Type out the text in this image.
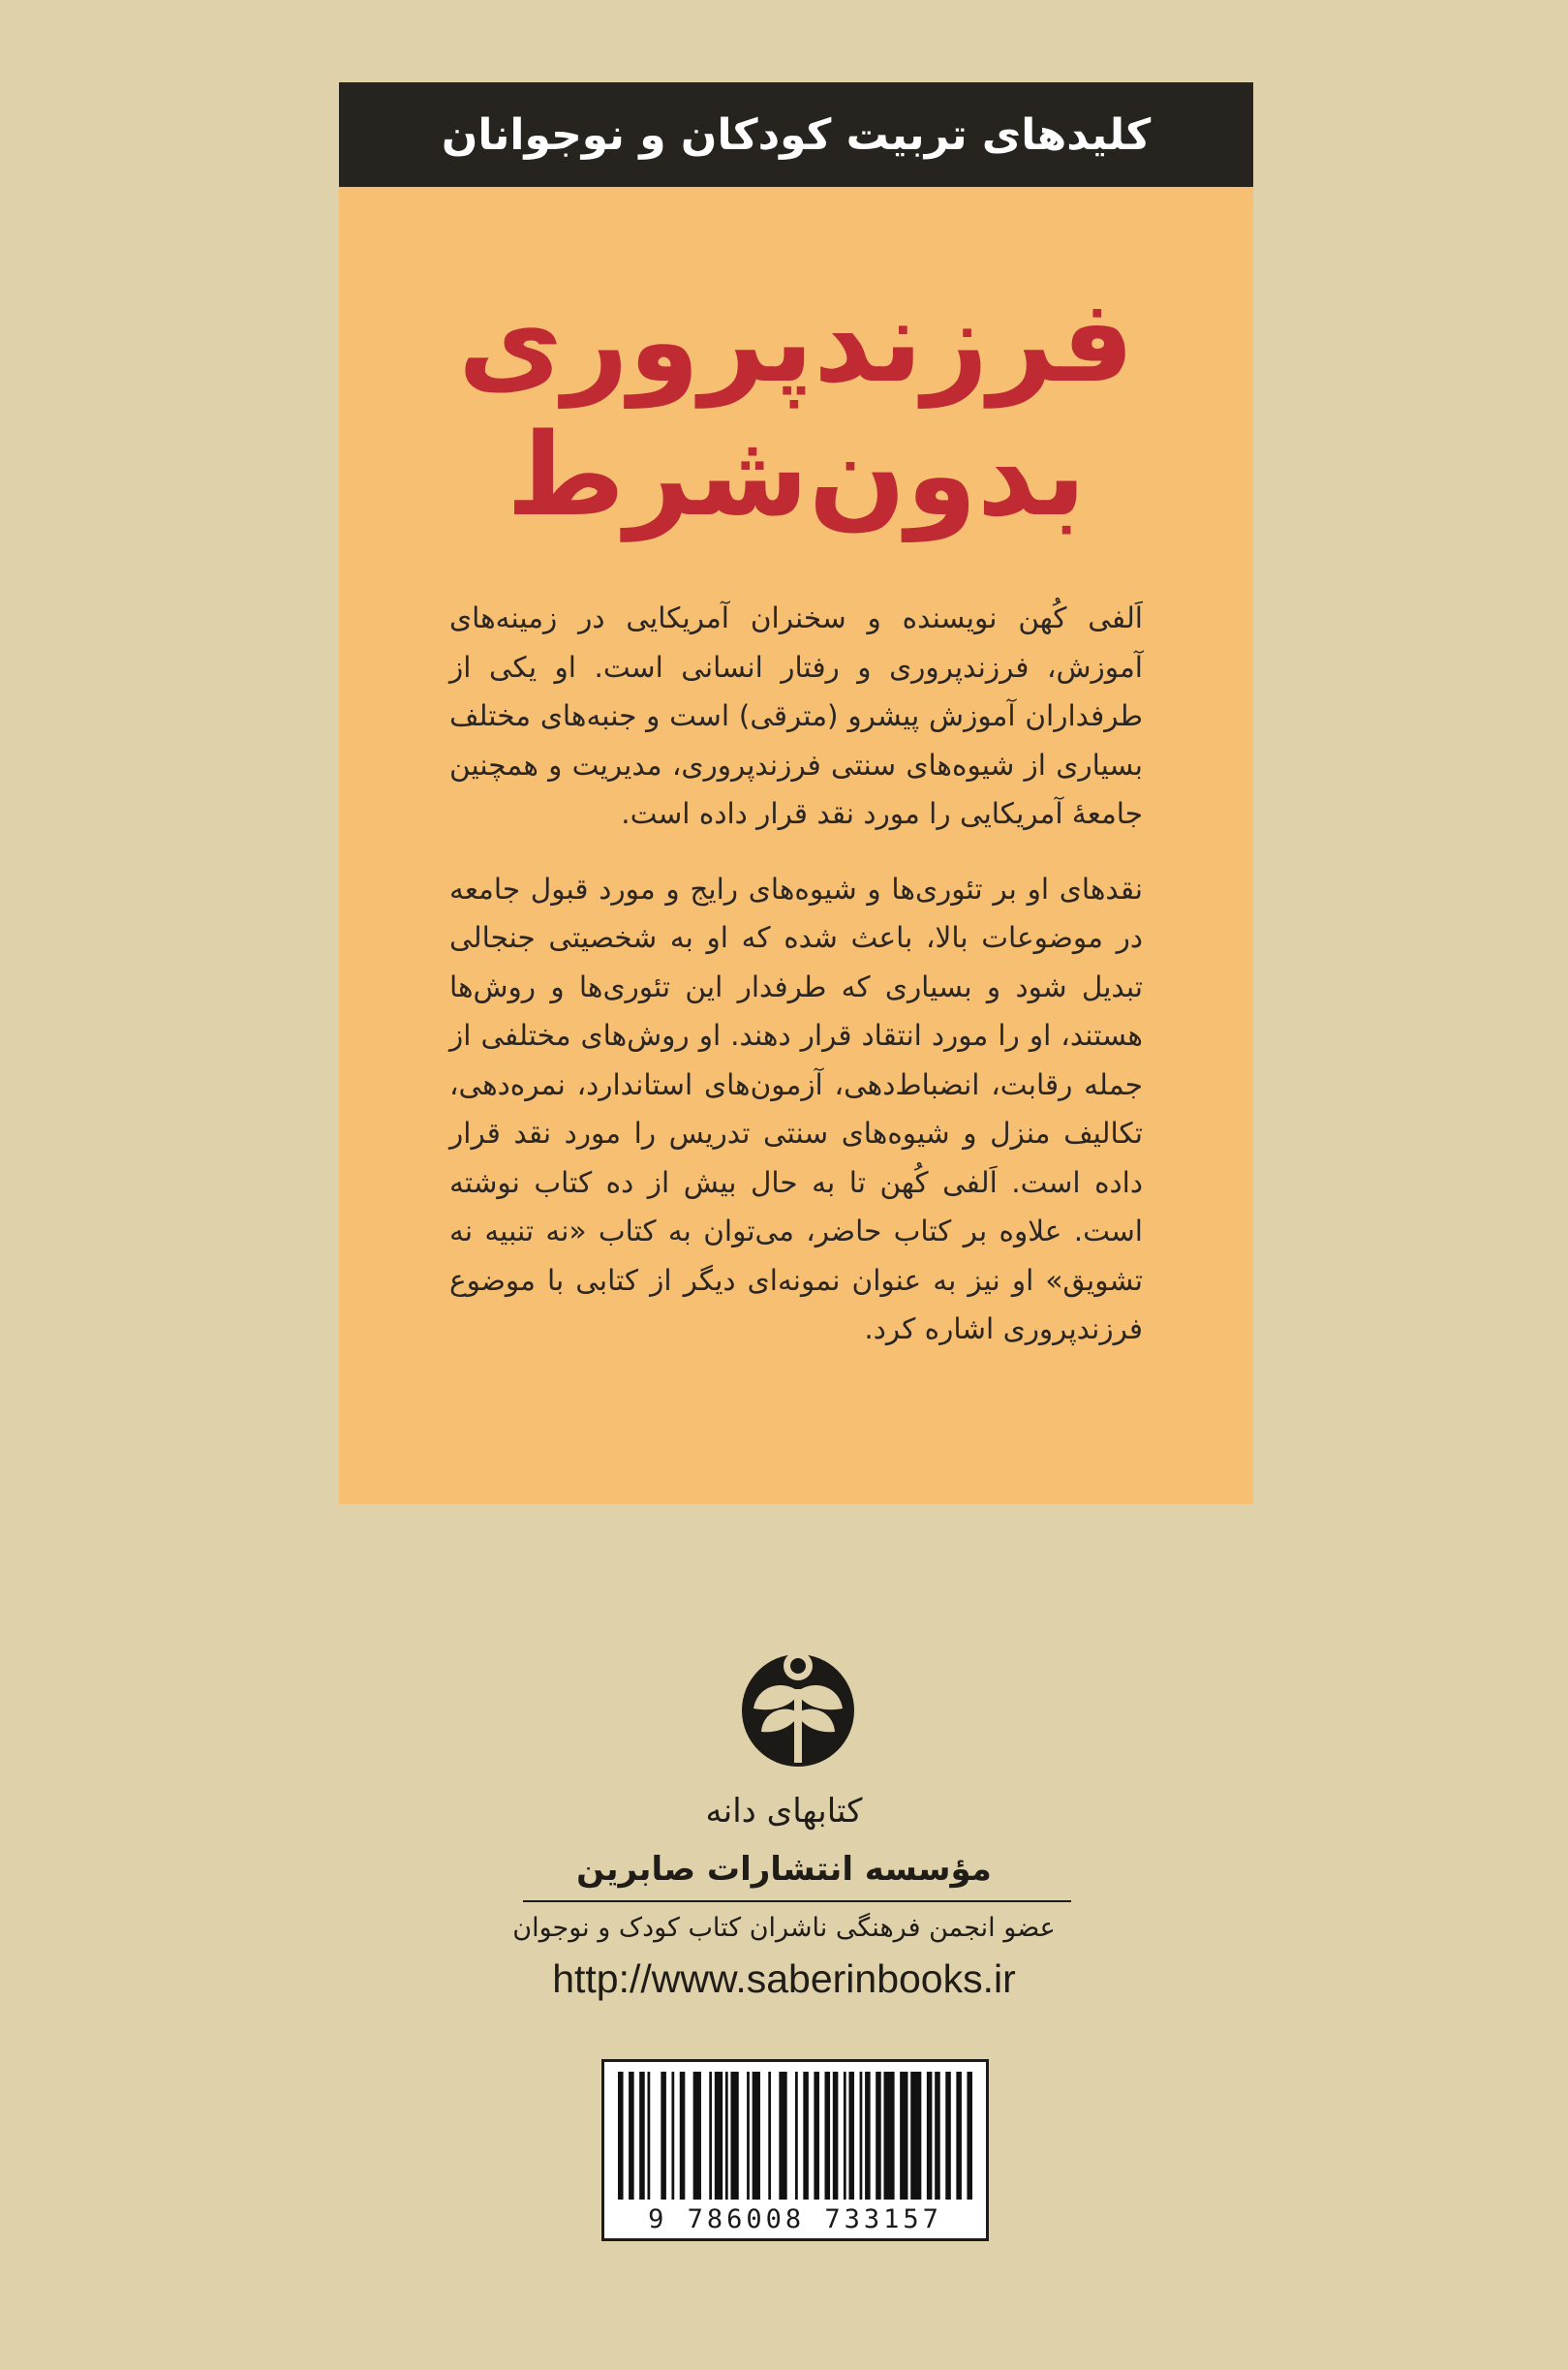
کلیدهای تربیت کودکان و نوجوانان
فرزندپروری
بدون‌شرط

اَلفی کُهن نویسنده و سخنران آمریکایی در زمینه‌های آموزش، فرزندپروری و رفتار انسانی است. او یکی از طرفداران آموزش پیشرو (مترقی) است و جنبه‌های مختلف بسیاری از شیوه‌های سنتی فرزندپروری، مدیریت و همچنین جامعهٔ آمریکایی را مورد نقد قرار داده است.

نقدهای او بر تئوری‌ها و شیوه‌های رایج و مورد قبول جامعه در موضوعات بالا، باعث شده که او به شخصیتی جنجالی تبدیل شود و بسیاری که طرفدار این تئوری‌ها و روش‌ها هستند، او را مورد انتقاد قرار دهند. او روش‌های مختلفی از جمله رقابت، انضباط‌دهی، آزمون‌های استاندارد، نمره‌دهی، تکالیف منزل و شیوه‌های سنتی تدریس را مورد نقد قرار داده است. اَلفی کُهن تا به حال بیش از ده کتاب نوشته است. علاوه بر کتاب حاضر، می‌توان به کتاب «نه تنبیه نه تشویق» او نیز به عنوان نمونه‌ای دیگر از کتابی با موضوع فرزندپروری اشاره کرد.

کتابهای دانه
مؤسسه انتشارات صابرین
عضو انجمن فرهنگی ناشران کتاب کودک و نوجوان
http://www.saberinbooks.ir
9 786008 733157
